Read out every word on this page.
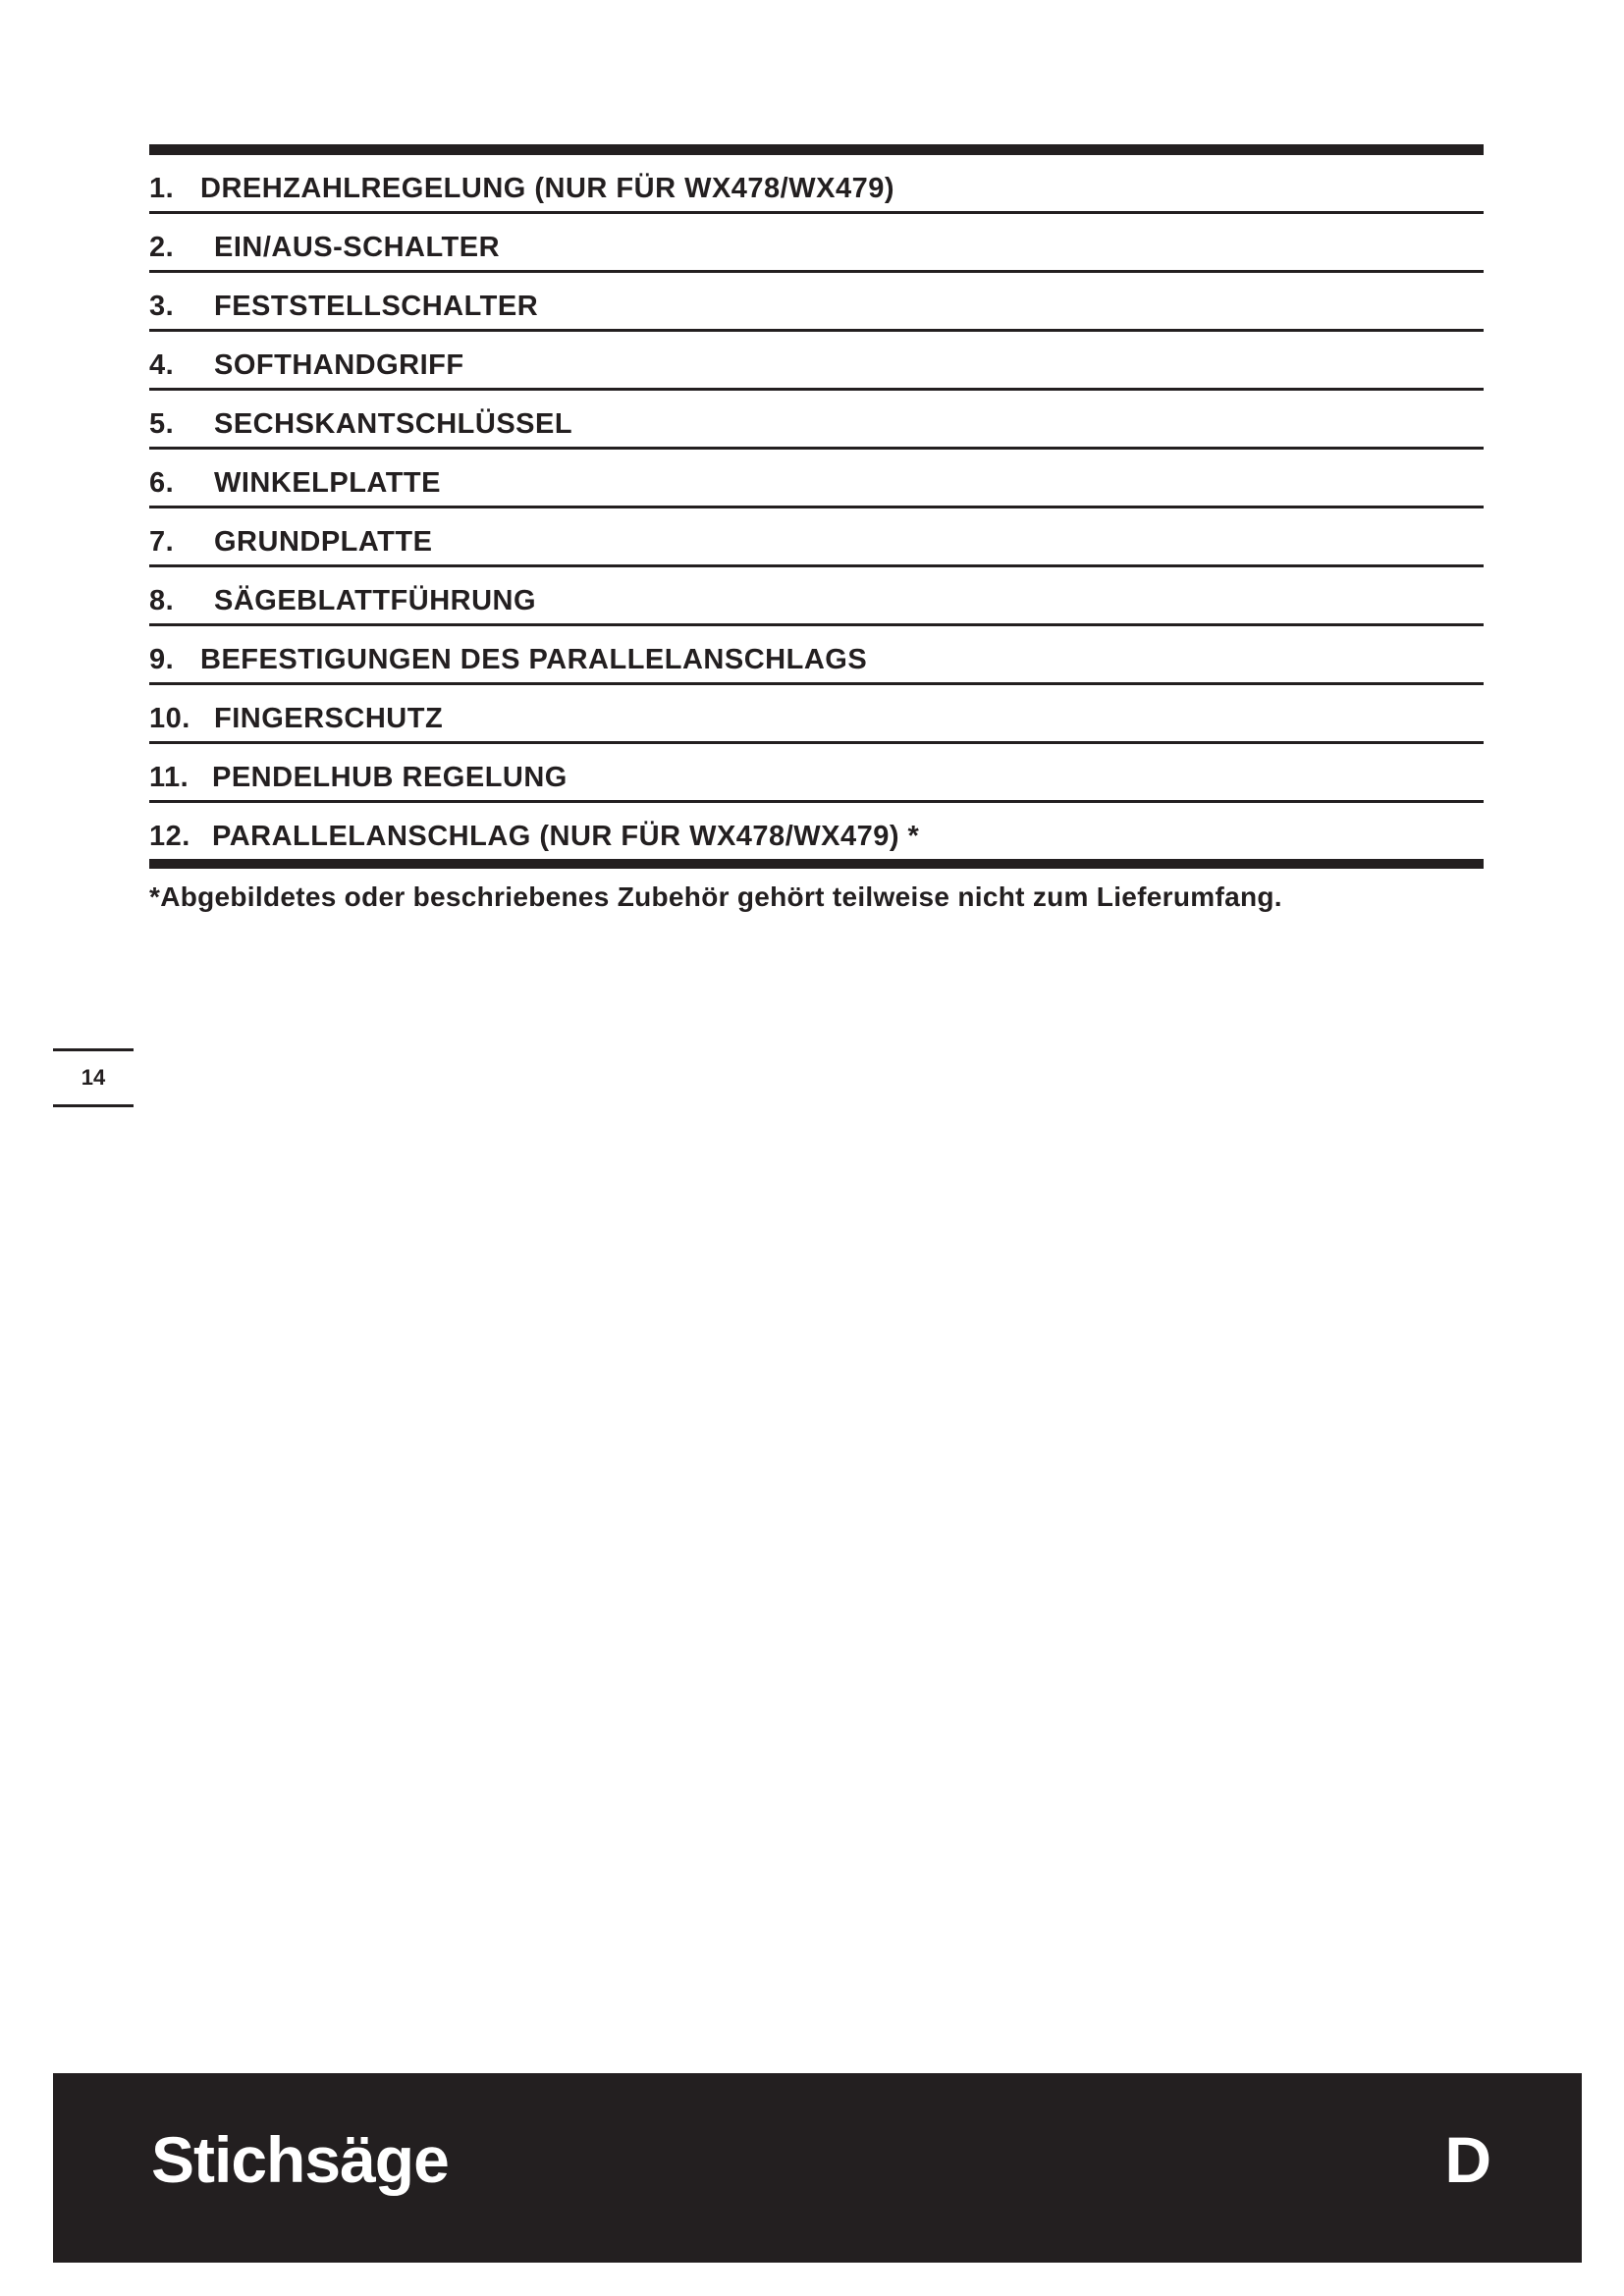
1. DREHZAHLREGELUNG (NUR FÜR WX478/WX479)
2. EIN/AUS-SCHALTER
3. FESTSTELLSCHALTER
4. SOFTHANDGRIFF
5. SECHSKANTSCHLÜSSEL
6. WINKELPLATTE
7. GRUNDPLATTE
8. SÄGEBLATTFÜHRUNG
9. BEFESTIGUNGEN DES PARALLELANSCHLAGS
10. FINGERSCHUTZ
11. PENDELHUB REGELUNG
12. PARALLELANSCHLAG (NUR FÜR WX478/WX479) *
*Abgebildetes oder beschriebenes Zubehör gehört teilweise nicht zum Lieferumfang.
14
Stichsäge	D
